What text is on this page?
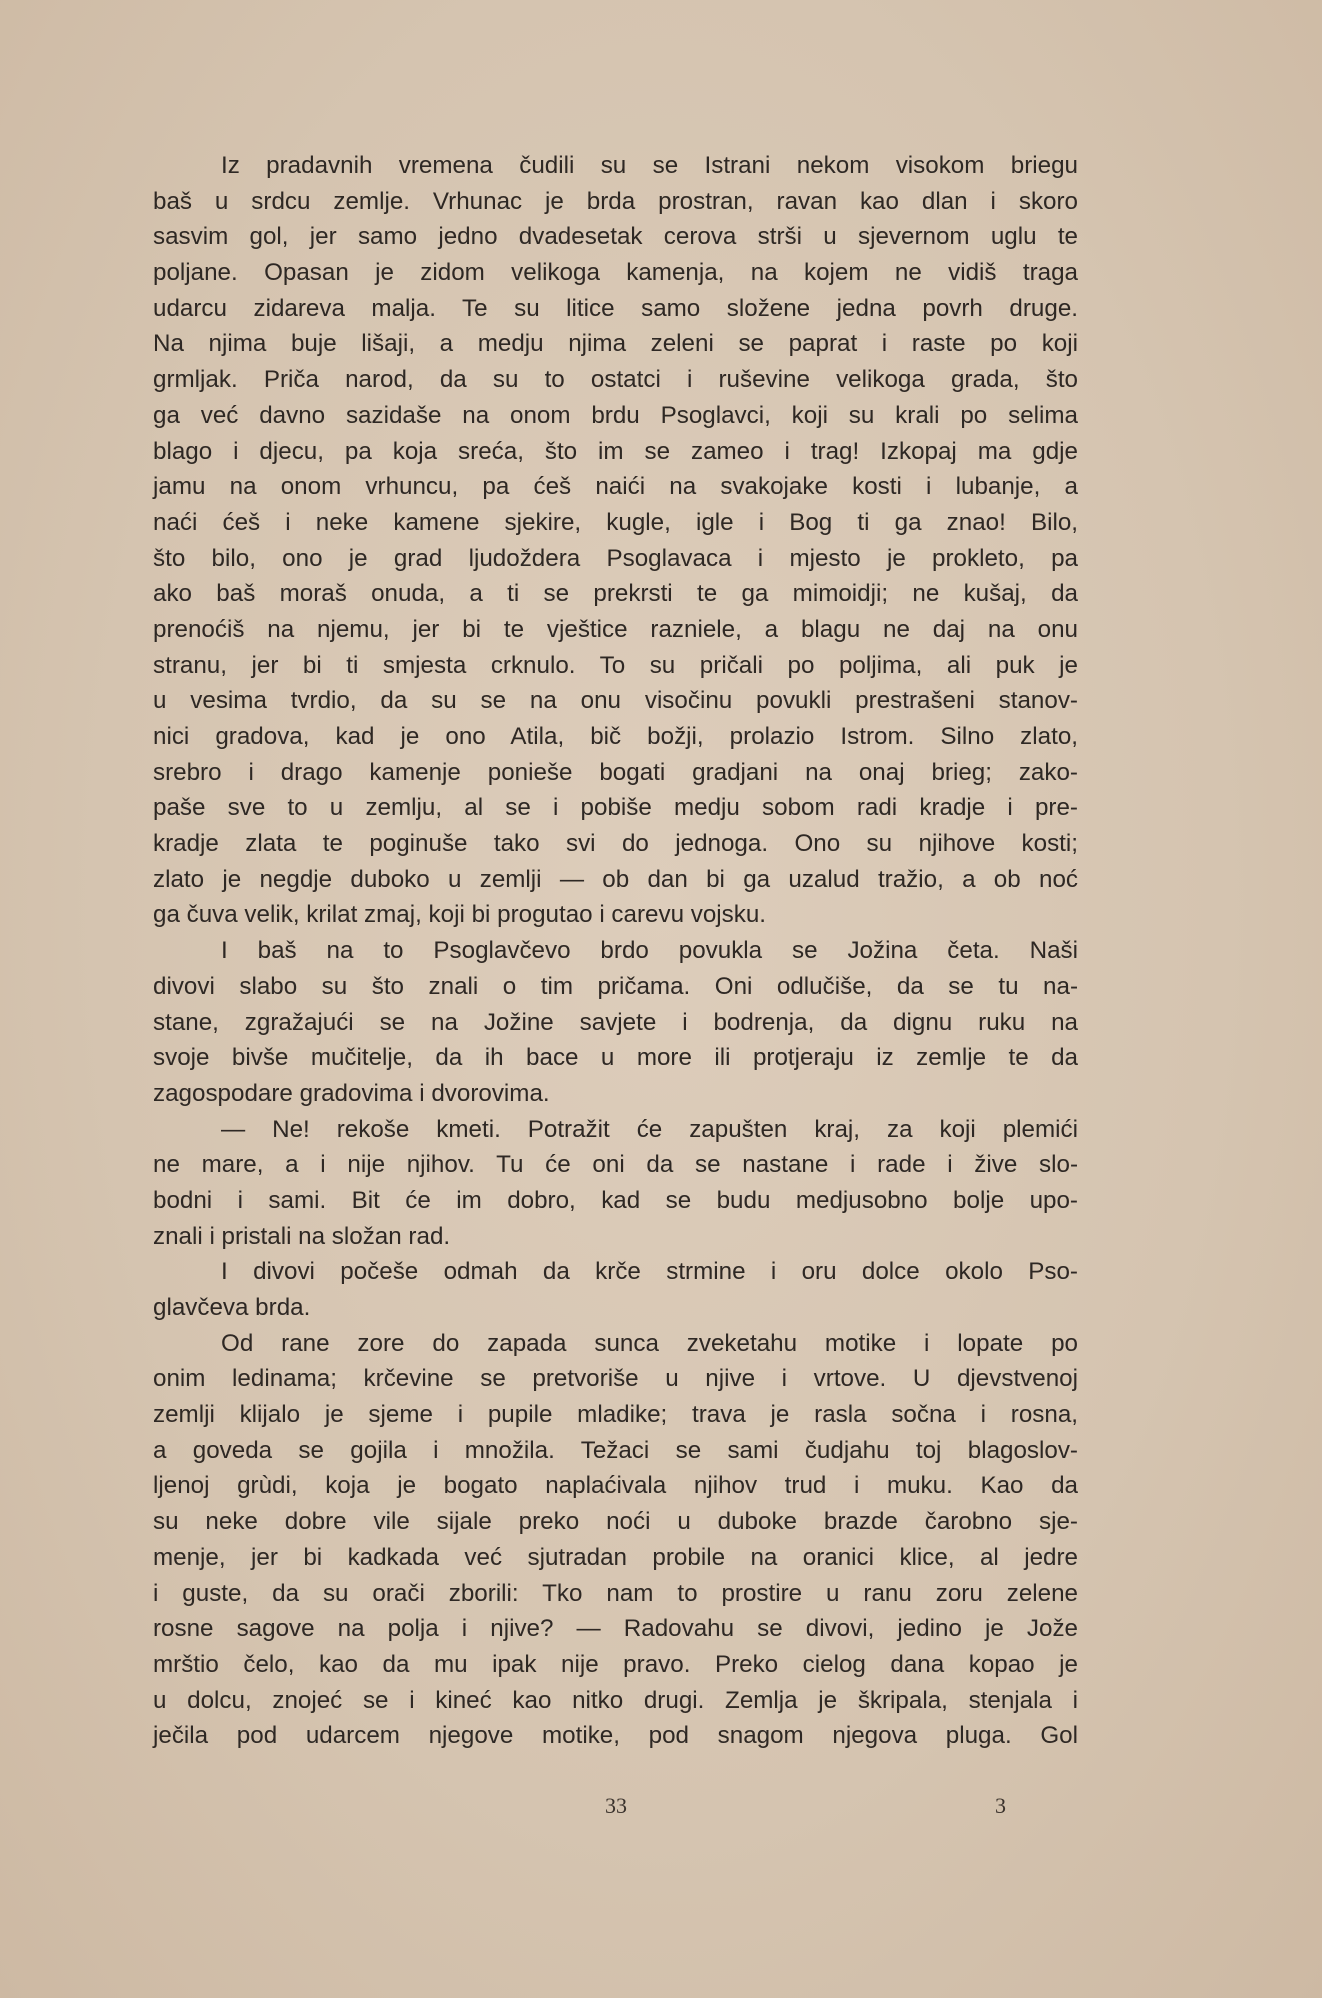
Iz pradavnih vremena čudili su se Istrani nekom visokom briegu
baš u srdcu zemlje. Vrhunac je brda prostran, ravan kao dlan i skoro
sasvim gol, jer samo jedno dvadesetak cerova strši u sjevernom uglu te
poljane. Opasan je zidom velikoga kamenja, na kojem ne vidiš traga
udarcu zidareva malja. Te su litice samo složene jedna povrh druge.
Na njima buje lišaji, a medju njima zeleni se paprat i raste po koji
grmljak. Priča narod, da su to ostatci i ruševine velikoga grada, što
ga već davno sazidaše na onom brdu Psoglavci, koji su krali po selima
blago i djecu, pa koja sreća, što im se zameo i trag! Izkopaj ma gdje
jamu na onom vrhuncu, pa ćeš naići na svakojake kosti i lubanje, a
naći ćeš i neke kamene sjekire, kugle, igle i Bog ti ga znao! Bilo,
što bilo, ono je grad ljudoždera Psoglavaca i mjesto je prokleto, pa
ako baš moraš onuda, a ti se prekrsti te ga mimoidji; ne kušaj, da
prenoćiš na njemu, jer bi te vještice razniele, a blagu ne daj na onu
stranu, jer bi ti smjesta crknulo. To su pričali po poljima, ali puk je
u vesima tvrdio, da su se na onu visočinu povukli prestrašeni stanov-
nici gradova, kad je ono Atila, bič božji, prolazio Istrom. Silno zlato,
srebro i drago kamenje ponieše bogati gradjani na onaj brieg; zako-
paše sve to u zemlju, al se i pobiše medju sobom radi kradje i pre-
kradje zlata te poginuše tako svi do jednoga. Ono su njihove kosti;
zlato je negdje duboko u zemlji — ob dan bi ga uzalud tražio, a ob noć
ga čuva velik, krilat zmaj, koji bi progutao i carevu vojsku.
I baš na to Psoglavčevo brdo povukla se Jožina četa. Naši
divovi slabo su što znali o tim pričama. Oni odlučiše, da se tu na-
stane, zgražajući se na Jožine savjete i bodrenja, da dignu ruku na
svoje bivše mučitelje, da ih bace u more ili protjeraju iz zemlje te da
zagospodare gradovima i dvorovima.
— Ne! rekoše kmeti. Potražit će zapušten kraj, za koji plemići
ne mare, a i nije njihov. Tu će oni da se nastane i rade i žive slo-
bodni i sami. Bit će im dobro, kad se budu medjusobno bolje upo-
znali i pristali na složan rad.
I divovi počeše odmah da krče strmine i oru dolce okolo Pso-
glavčeva brda.
Od rane zore do zapada sunca zveketahu motike i lopate po
onim ledinama; krčevine se pretvoriše u njive i vrtove. U djevstvenoj
zemlji klijalo je sjeme i pupile mladike; trava je rasla sočna i rosna,
a goveda se gojila i množila. Težaci se sami čudjahu toj blagoslov-
ljenoj grùdi, koja je bogato naplaćivala njihov trud i muku. Kao da
su neke dobre vile sijale preko noći u duboke brazde čarobno sje-
menje, jer bi kadkada već sjutradan probile na oranici klice, al jedre
i guste, da su orači zborili: Tko nam to prostire u ranu zoru zelene
rosne sagove na polja i njive? — Radovahu se divovi, jedino je Jože
mrštio čelo, kao da mu ipak nije pravo. Preko cielog dana kopao je
u dolcu, znojeć se i kineć kao nitko drugi. Zemlja je škripala, stenjala i
ječila pod udarcem njegove motike, pod snagom njegova pluga. Gol
33	3
